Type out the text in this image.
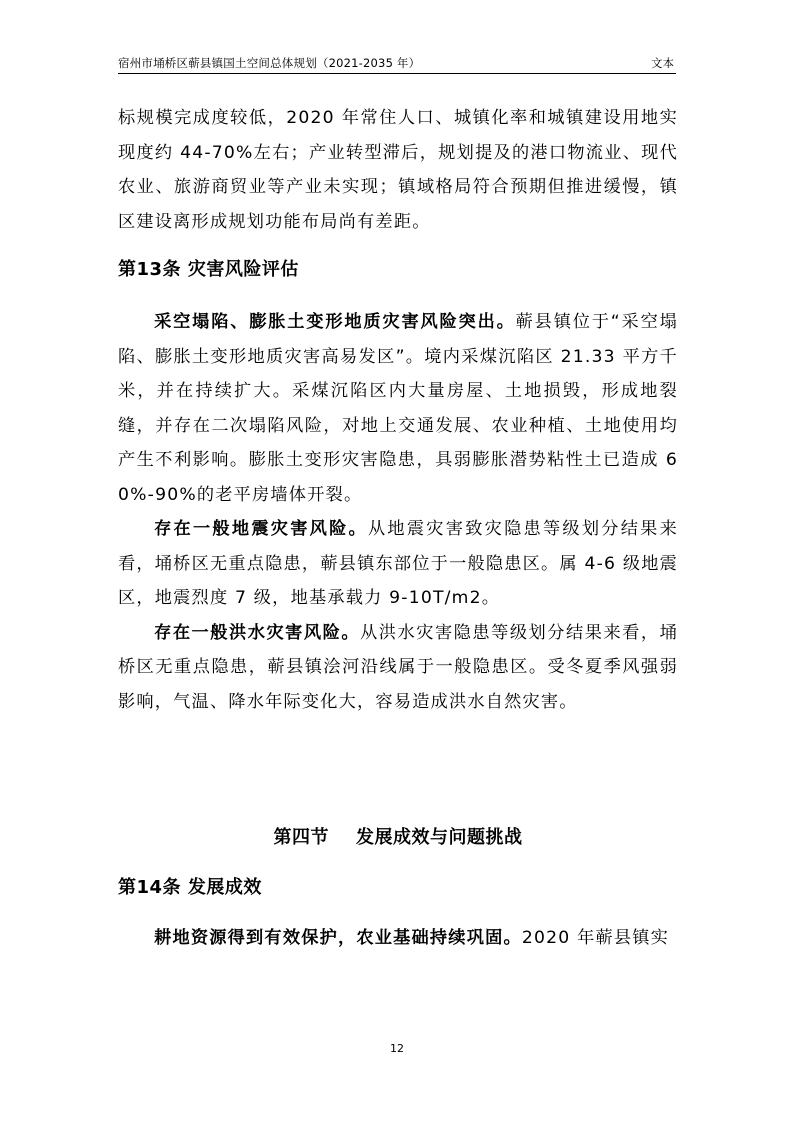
宿州市埇桥区蕲县镇国土空间总体规划（2021-2035 年）	文本

标规模完成度较低，2020 年常住人口、城镇化率和城镇建设用地实现度约 44-70%左右；产业转型滞后，规划提及的港口物流业、现代农业、旅游商贸业等产业未实现；镇域格局符合预期但推进缓慢，镇区建设离形成规划功能布局尚有差距。

第13条 灾害风险评估

采空塌陷、膨胀土变形地质灾害风险突出。蕲县镇位于“采空塌陷、膨胀土变形地质灾害高易发区”。境内采煤沉陷区 21.33 平方千米，并在持续扩大。采煤沉陷区内大量房屋、土地损毁，形成地裂缝，并存在二次塌陷风险，对地上交通发展、农业种植、土地使用均产生不利影响。膨胀土变形灾害隐患，具弱膨胀潜势粘性土已造成 60%-90%的老平房墙体开裂。

存在一般地震灾害风险。从地震灾害致灾隐患等级划分结果来看，埇桥区无重点隐患，蕲县镇东部位于一般隐患区。属 4-6 级地震区，地震烈度 7 级，地基承载力 9-10T/m2。

存在一般洪水灾害风险。从洪水灾害隐患等级划分结果来看，埇桥区无重点隐患，蕲县镇浍河沿线属于一般隐患区。受冬夏季风强弱影响，气温、降水年际变化大，容易造成洪水自然灾害。

第四节    发展成效与问题挑战

第14条 发展成效

耕地资源得到有效保护，农业基础持续巩固。2020 年蕲县镇实

12
